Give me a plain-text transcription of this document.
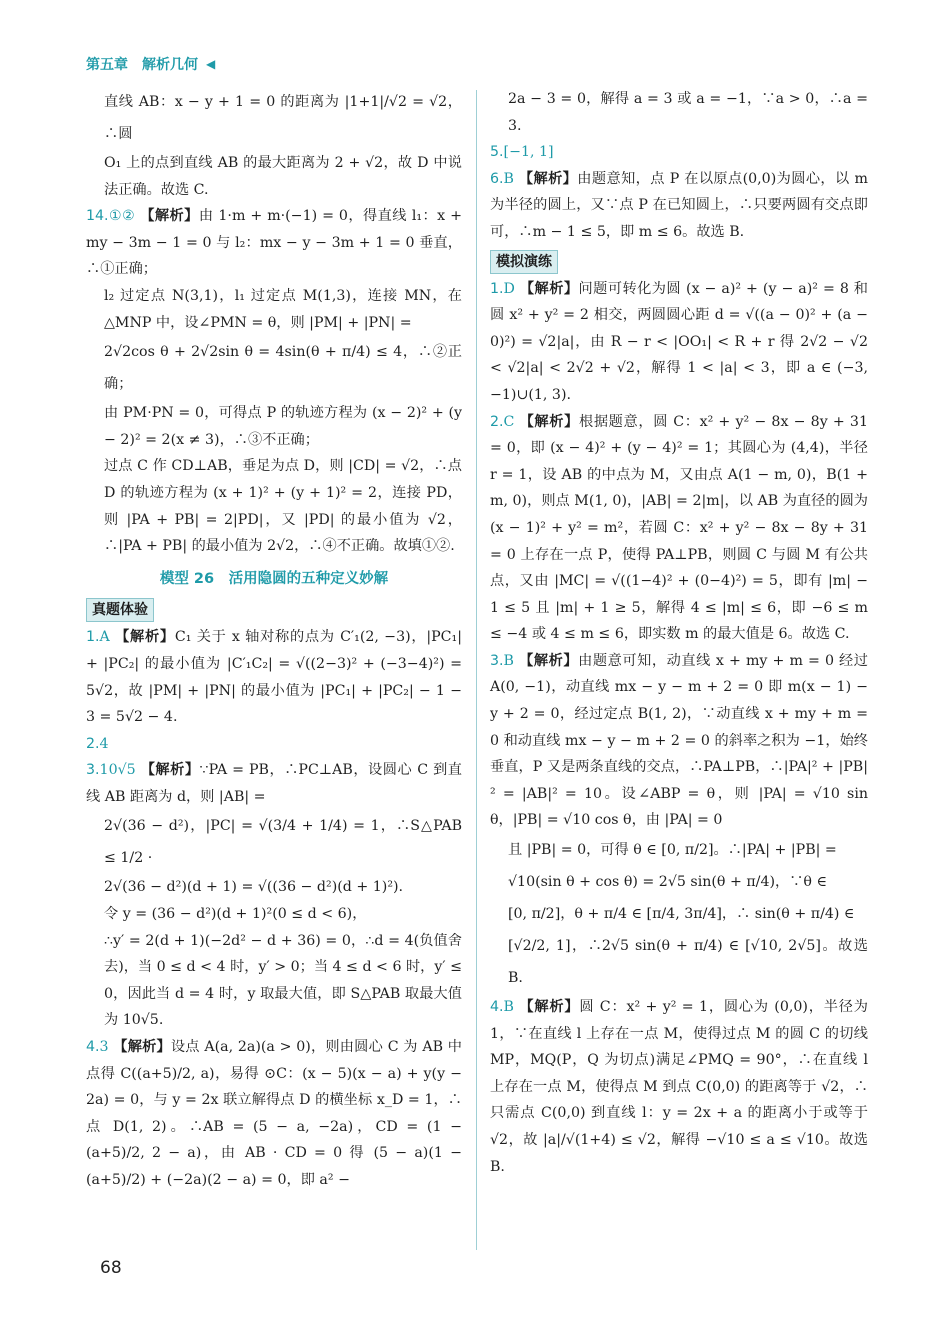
第五章 解析几何 ◀

直线 AB：x − y + 1 = 0 的距离为 |1+1|/√2 = √2，∴圆

O₁ 上的点到直线 AB 的最大距离为 2 + √2，故 D 中说法正确。故选 C.

14.①② 【解析】由 1·m + m·(−1) = 0，得直线 l₁：x + my − 3m − 1 = 0 与 l₂：mx − y − 3m + 1 = 0 垂直，∴①正确；

l₂ 过定点 N(3,1)，l₁ 过定点 M(1,3)，连接 MN，在 △MNP 中，设∠PMN = θ，则 |PM| + |PN| =

2√2cos θ + 2√2sin θ = 4sin(θ + π/4) ≤ 4，∴②正确；

由 PM·PN = 0，可得点 P 的轨迹方程为 (x − 2)² + (y − 2)² = 2(x ≠ 3)，∴③不正确；

过点 C 作 CD⊥AB，垂足为点 D，则 |CD| = √2，∴点 D 的轨迹方程为 (x + 1)² + (y + 1)² = 2，连接 PD，则 |PA + PB| = 2|PD|，又 |PD| 的最小值为 √2，∴|PA + PB| 的最小值为 2√2，∴④不正确。故填①②.

模型 26　活用隐圆的五种定义妙解
真题体验

1.A 【解析】C₁ 关于 x 轴对称的点为 C′₁(2, −3)，|PC₁| + |PC₂| 的最小值为 |C′₁C₂| = √((2−3)² + (−3−4)²) = 5√2，故 |PM| + |PN| 的最小值为 |PC₁| + |PC₂| − 1 − 3 = 5√2 − 4.

2.4

3.10√5 【解析】∵PA = PB，∴PC⊥AB，设圆心 C 到直线 AB 距离为 d，则 |AB| =

2√(36 − d²)，|PC| = √(3/4 + 1/4) = 1，∴S△PAB ≤ 1/2 ·

2√(36 − d²)(d + 1) = √((36 − d²)(d + 1)²).

令 y = (36 − d²)(d + 1)²(0 ≤ d < 6)，

∴y′ = 2(d + 1)(−2d² − d + 36) = 0，∴d = 4(负值舍去)，当 0 ≤ d < 4 时，y′ > 0；当 4 ≤ d < 6 时，y′ ≤ 0，因此当 d = 4 时，y 取最大值，即 S△PAB 取最大值为 10√5.

4.3 【解析】设点 A(a, 2a)(a > 0)，则由圆心 C 为 AB 中点得 C((a+5)/2, a)，易得 ⊙C：(x − 5)(x − a) + y(y − 2a) = 0，与 y = 2x 联立解得点 D 的横坐标 x_D = 1，∴点 D(1, 2)。∴AB = (5 − a, −2a)，CD = (1 − (a+5)/2, 2 − a)，由 AB · CD = 0 得 (5 − a)(1 − (a+5)/2) + (−2a)(2 − a) = 0，即 a² −

2a − 3 = 0，解得 a = 3 或 a = −1，∵a > 0，∴a = 3.

5.[−1, 1]

6.B 【解析】由题意知，点 P 在以原点(0,0)为圆心，以 m 为半径的圆上，又∵点 P 在已知圆上，∴只要两圆有交点即可，∴m − 1 ≤ 5，即 m ≤ 6。故选 B.

模拟演练

1.D 【解析】问题可转化为圆 (x − a)² + (y − a)² = 8 和圆 x² + y² = 2 相交，两圆圆心距 d = √((a − 0)² + (a − 0)²) = √2|a|，由 R − r < |OO₁| < R + r 得 2√2 − √2 < √2|a| < 2√2 + √2，解得 1 < |a| < 3，即 a ∈ (−3, −1)∪(1, 3).

2.C 【解析】根据题意，圆 C：x² + y² − 8x − 8y + 31 = 0，即 (x − 4)² + (y − 4)² = 1；其圆心为 (4,4)，半径 r = 1，设 AB 的中点为 M，又由点 A(1 − m, 0)，B(1 + m, 0)，则点 M(1, 0)，|AB| = 2|m|，以 AB 为直径的圆为 (x − 1)² + y² = m²，若圆 C：x² + y² − 8x − 8y + 31 = 0 上存在一点 P，使得 PA⊥PB，则圆 C 与圆 M 有公共点，又由 |MC| = √((1−4)² + (0−4)²) = 5，即有 |m| − 1 ≤ 5 且 |m| + 1 ≥ 5，解得 4 ≤ |m| ≤ 6，即 −6 ≤ m ≤ −4 或 4 ≤ m ≤ 6，即实数 m 的最大值是 6。故选 C.

3.B 【解析】由题意可知，动直线 x + my + m = 0 经过 A(0, −1)，动直线 mx − y − m + 2 = 0 即 m(x − 1) − y + 2 = 0，经过定点 B(1, 2)，∵动直线 x + my + m = 0 和动直线 mx − y − m + 2 = 0 的斜率之积为 −1，始终垂直，P 又是两条直线的交点，∴PA⊥PB，∴|PA|² + |PB|² = |AB|² = 10。设∠ABP = θ，则 |PA| = √10 sin θ，|PB| = √10 cos θ，由 |PA| = 0

且 |PB| = 0，可得 θ ∈ [0, π/2]。∴|PA| + |PB| =

√10(sin θ + cos θ) = 2√5 sin(θ + π/4)，∵θ ∈

[0, π/2]，θ + π/4 ∈ [π/4, 3π/4]，∴ sin(θ + π/4) ∈

[√2/2, 1]，∴2√5 sin(θ + π/4) ∈ [√10, 2√5]。故选 B.

4.B 【解析】圆 C：x² + y² = 1，圆心为 (0,0)，半径为 1，∵在直线 l 上存在一点 M，使得过点 M 的圆 C 的切线 MP，MQ(P，Q 为切点)满足∠PMQ = 90°，∴在直线 l 上存在一点 M，使得点 M 到点 C(0,0) 的距离等于 √2，∴只需点 C(0,0) 到直线 l：y = 2x + a 的距离小于或等于 √2，故 |a|/√(1+4) ≤ √2，解得 −√10 ≤ a ≤ √10。故选 B.

68
